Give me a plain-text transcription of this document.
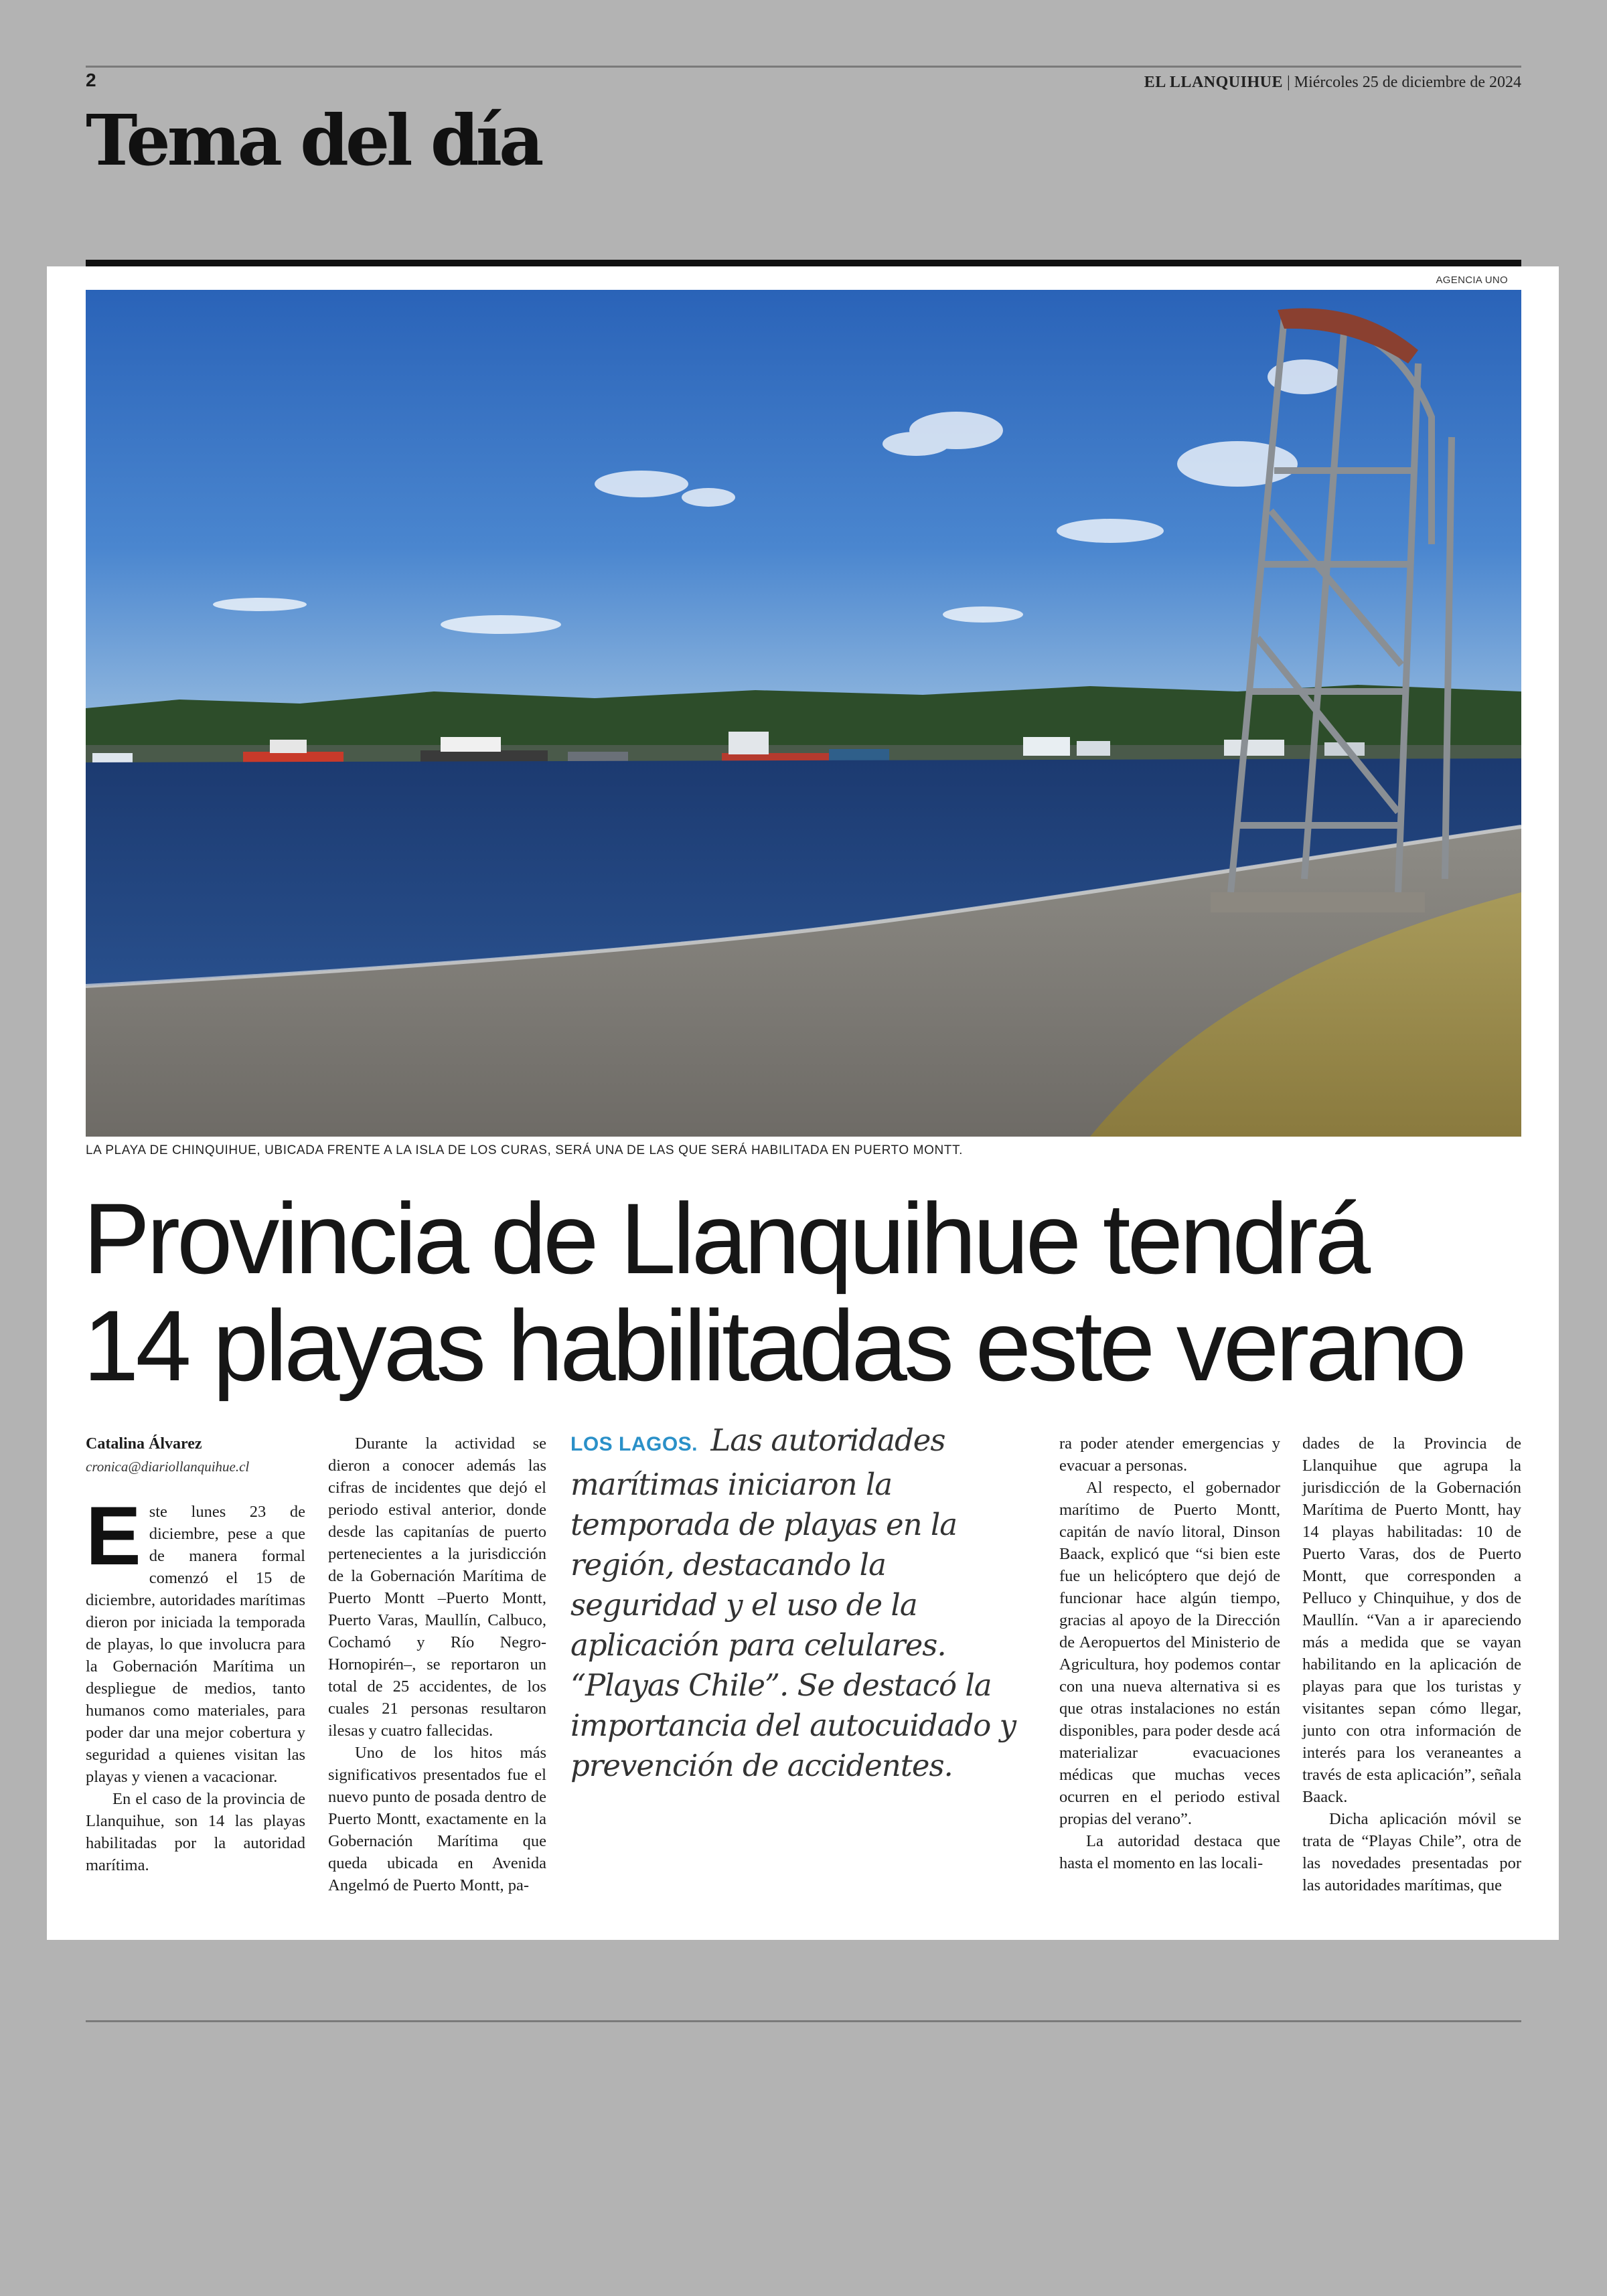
2	EL LLANQUIHUE | Miércoles 25 de diciembre de 2024
Tema del día
AGENCIA UNO
LA PLAYA DE CHINQUIHUE, UBICADA FRENTE A LA ISLA DE LOS CURAS, SERÁ UNA DE LAS QUE SERÁ HABILITADA EN PUERTO MONTT.
Provincia de Llanquihue tendrá
14 playas habilitadas este verano
Catalina Álvarez
cronica@diariollanquihue.cl

Este lunes 23 de diciembre, pese a que de manera formal comenzó el 15 de diciembre, autoridades marítimas dieron por iniciada la temporada de playas, lo que involucra para la Gobernación Marítima un despliegue de medios, tanto humanos como materiales, para poder dar una mejor cobertura y seguridad a quienes visitan las playas y vienen a vacacionar.

En el caso de la provincia de Llanquihue, son 14 las playas habilitadas por la autoridad marítima.

Durante la actividad se dieron a conocer además las cifras de incidentes que dejó el periodo estival anterior, donde desde las capitanías de puerto pertenecientes a la jurisdicción de la Gobernación Marítima de Puerto Montt –Puerto Montt, Puerto Varas, Maullín, Calbuco, Cochamó y Río Negro-Hornopirén–, se reportaron un total de 25 accidentes, de los cuales 21 personas resultaron ilesas y cuatro fallecidas.

Uno de los hitos más significativos presentados fue el nuevo punto de posada dentro de Puerto Montt, exactamente en la Gobernación Marítima que queda ubicada en Avenida Angelmó de Puerto Montt, pa-

LOS LAGOS. Las autoridades marítimas iniciaron la temporada de playas en la región, destacando la seguridad y el uso de la aplicación para celulares. “Playas Chile”. Se destacó la importancia del autocuidado y prevención de accidentes.

ra poder atender emergencias y evacuar a personas.

Al respecto, el gobernador marítimo de Puerto Montt, capitán de navío litoral, Dinson Baack, explicó que “si bien este fue un helicóptero que dejó de funcionar hace algún tiempo, gracias al apoyo de la Dirección de Aeropuertos del Ministerio de Agricultura, hoy podemos contar con una nueva alternativa si es que otras instalaciones no están disponibles, para poder desde acá materializar evacuaciones médicas que muchas veces ocurren en el periodo estival propias del verano”.

La autoridad destaca que hasta el momento en las locali-

dades de la Provincia de Llanquihue que agrupa la jurisdicción de la Gobernación Marítima de Puerto Montt, hay 14 playas habilitadas: 10 de Puerto Varas, dos de Puerto Montt, que corresponden a Pelluco y Chinquihue, y dos de Maullín. “Van a ir apareciendo más a medida que se vayan habilitando en la aplicación de playas para que los turistas y visitantes sepan cómo llegar, junto con otra información de interés para los veraneantes a través de esta aplicación”, señala Baack.

Dicha aplicación móvil se trata de “Playas Chile”, otra de las novedades presentadas por las autoridades marítimas, que
